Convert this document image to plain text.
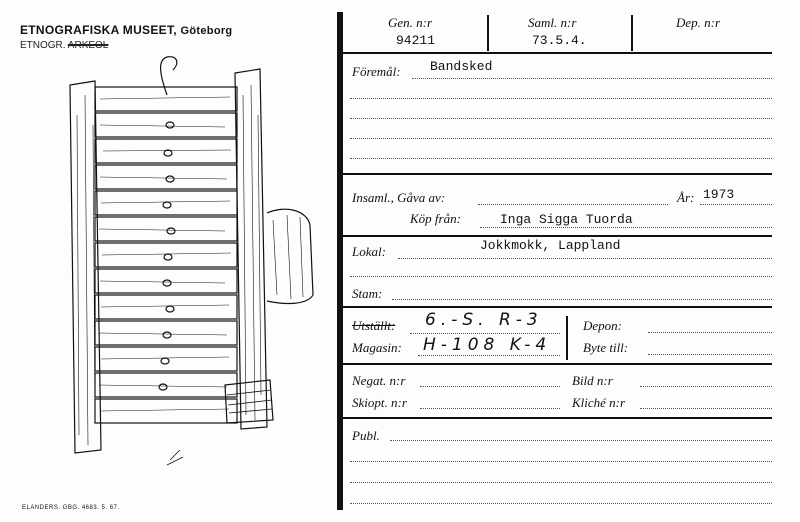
ETNOGRAFISKA MUSEET, Göteborg
ETNOGR. ARKEOL
ELANDERS. GBG. 4683. 5. 67.
Gen. n:r
94211
Saml. n:r
73.5.4.
Dep. n:r
Föremål: Bandsked
Insaml., Gåva av:	År: 1973
Köp från:	Inga Sigga Tuorda
Lokal:	Jokkmokk, Lappland
Stam:
Utställt: 6.-S. R-3
Magasin: H-108 K-4
Depon:
Byte till:
Negat. n:r	Bild n:r
Skiopt. n:r	Kliché n:r
Publ.
